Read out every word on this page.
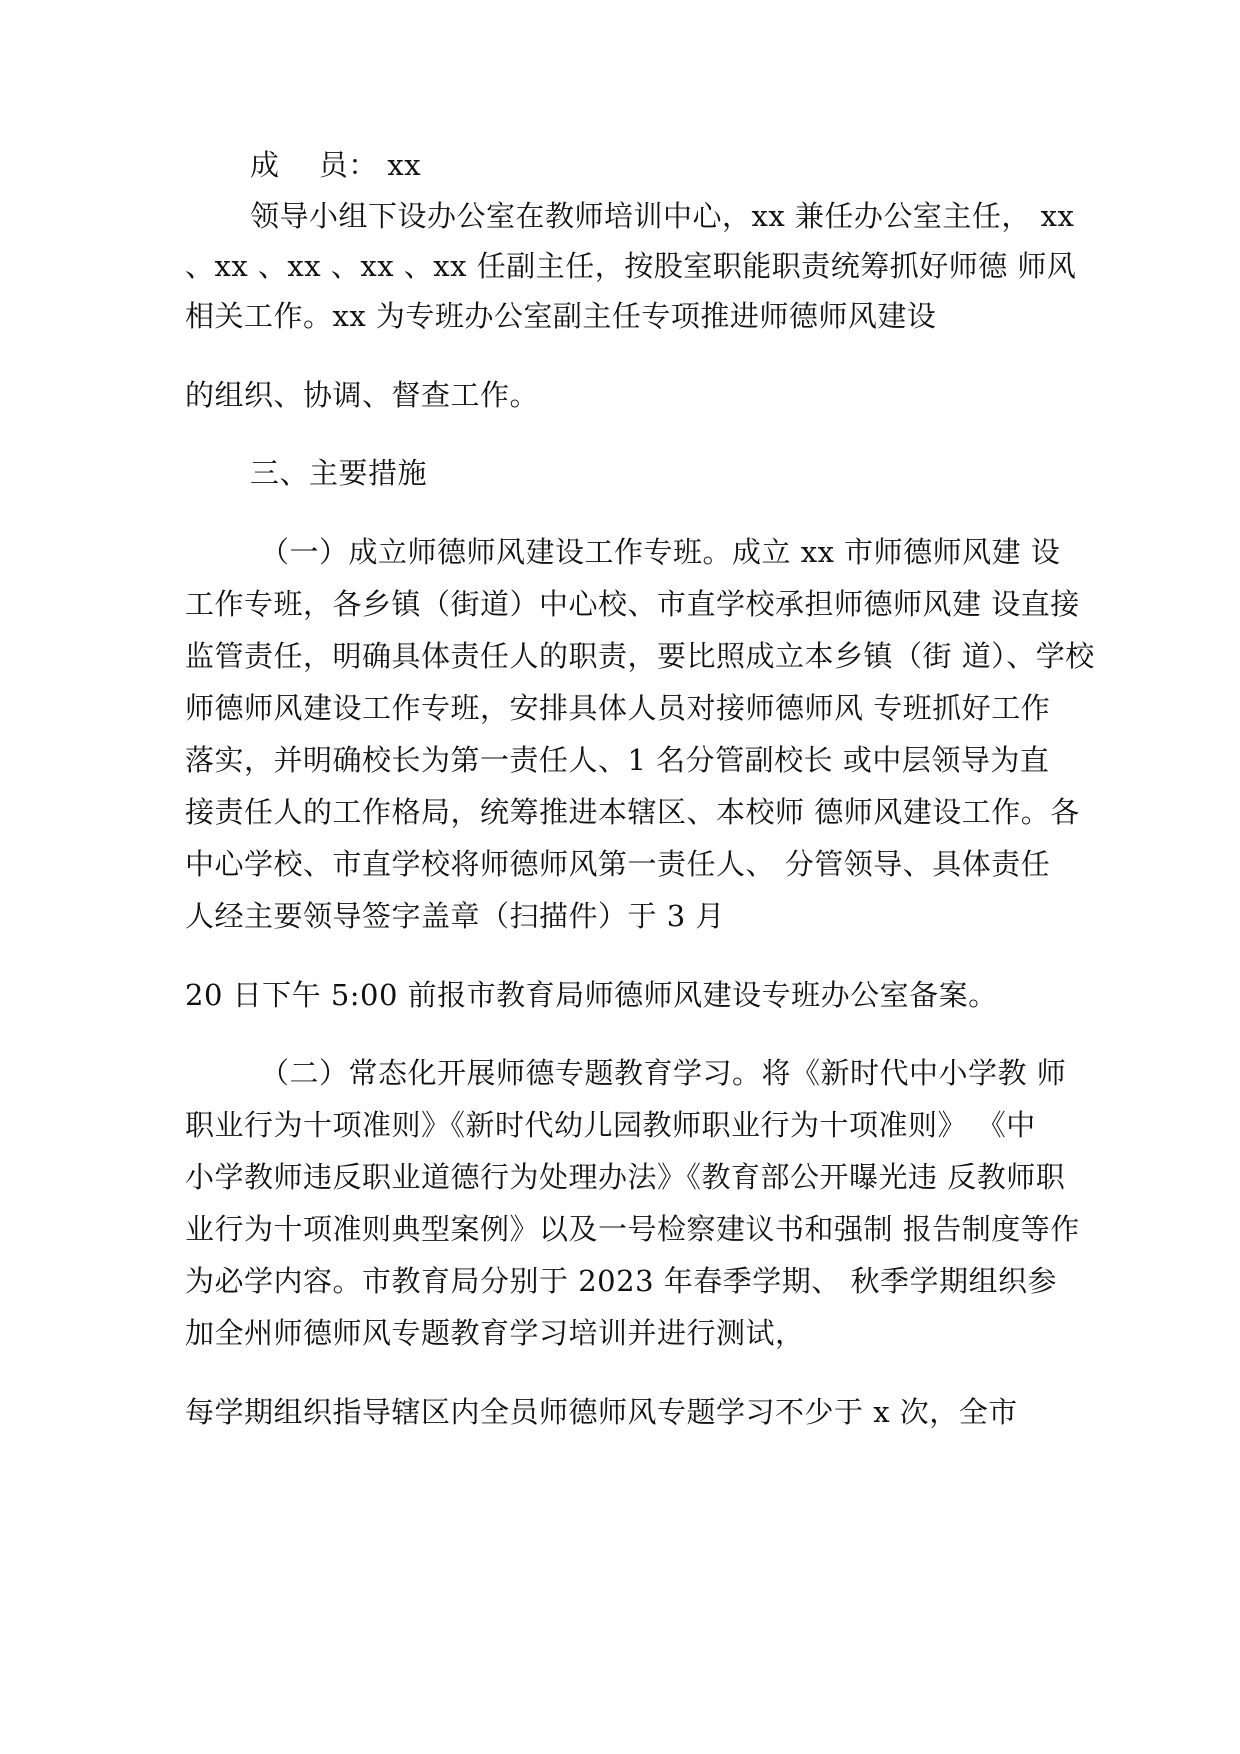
成　 员： xx

领导小组下设办公室在教师培训中心，xx 兼任办公室主任， xx

、xx 、xx 、xx 、xx 任副主任，按股室职能职责统筹抓好师德 师风

相关工作。xx 为专班办公室副主任专项推进师德师风建设

的组织、协调、督查工作。

三、主要措施

（一）成立师德师风建设工作专班。成立 xx 市师德师风建 设

工作专班，各乡镇（街道）中心校、市直学校承担师德师风建 设直接

监管责任，明确具体责任人的职责，要比照成立本乡镇（街 道）、学校

师德师风建设工作专班，安排具体人员对接师德师风 专班抓好工作

落实，并明确校长为第一责任人、1 名分管副校长 或中层领导为直

接责任人的工作格局，统筹推进本辖区、本校师 德师风建设工作。各

中心学校、市直学校将师德师风第一责任人、 分管领导、具体责任

人经主要领导签字盖章（扫描件）于 3 月

20 日下午 5:00 前报市教育局师德师风建设专班办公室备案。

（二）常态化开展师德专题教育学习。将《新时代中小学教 师

职业行为十项准则》《新时代幼儿园教师职业行为十项准则》 《中

小学教师违反职业道德行为处理办法》《教育部公开曝光违 反教师职

业行为十项准则典型案例》以及一号检察建议书和强制 报告制度等作

为必学内容。市教育局分别于 2023 年春季学期、 秋季学期组织参

加全州师德师风专题教育学习培训并进行测试，

每学期组织指导辖区内全员师德师风专题学习不少于 x 次，全市
